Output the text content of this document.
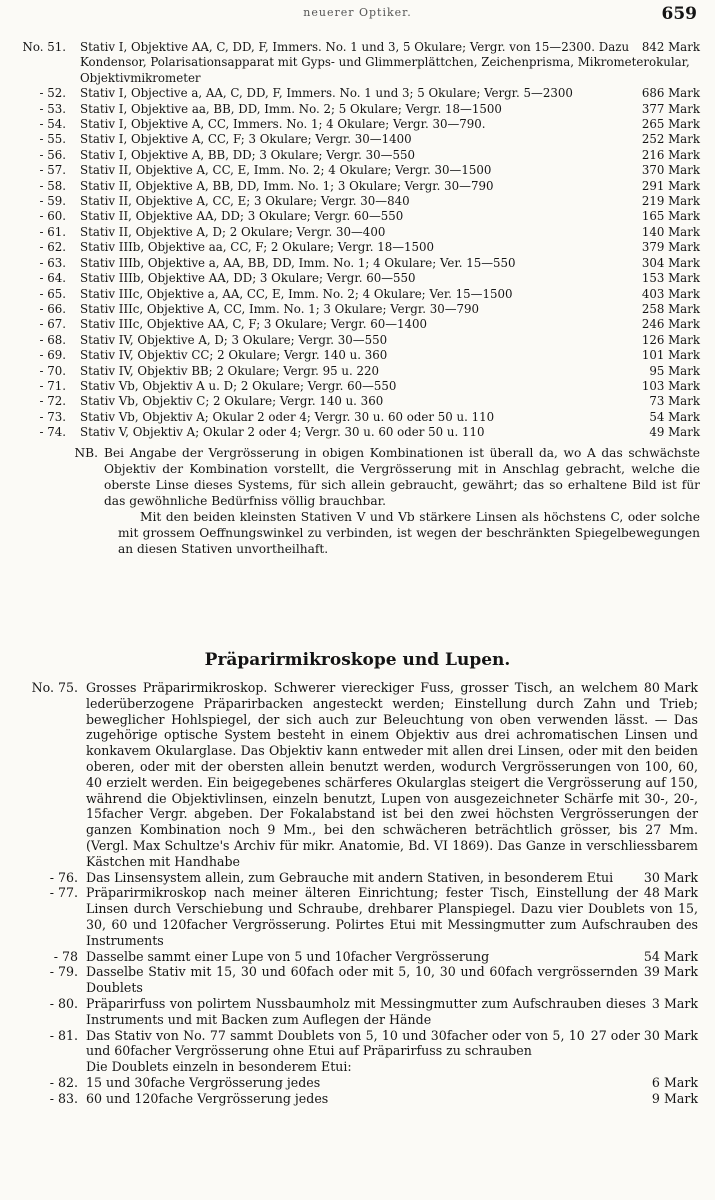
neuerer Optiker.	659
No. 51.	842 Mark
Stativ I, Objektive AA, C, DD, F, Immers. No. 1 und 3, 5 Okulare; Vergr. von 15—2300. Dazu Kondensor, Polarisationsapparat mit Gyps- und Glimmerplättchen, Zeichenprisma, Mikrometerokular, Objektivmikrometer
- 52.	686 Mark
Stativ I, Objective a, AA, C, DD, F, Immers. No. 1 und 3; 5 Okulare; Vergr. 5—2300
- 53.	377 Mark
Stativ I, Objektive aa, BB, DD, Imm. No. 2; 5 Okulare; Vergr. 18—1500
- 54.	265 Mark
Stativ I, Objektive A, CC, Immers. No. 1; 4 Okulare; Vergr. 30—790.
- 55.	252 Mark
Stativ I, Objektive A, CC, F; 3 Okulare; Vergr. 30—1400
- 56.	216 Mark
Stativ I, Objektive A, BB, DD; 3 Okulare; Vergr. 30—550
- 57.	370 Mark
Stativ II, Objektive A, CC, E, Imm. No. 2; 4 Okulare; Vergr. 30—1500
- 58.	291 Mark
Stativ II, Objektive A, BB, DD, Imm. No. 1; 3 Okulare; Vergr. 30—790
- 59.	219 Mark
Stativ II, Objektive A, CC, E; 3 Okulare; Vergr. 30—840
- 60.	165 Mark
Stativ II, Objektive AA, DD; 3 Okulare; Vergr. 60—550
- 61.	140 Mark
Stativ II, Objektive A, D; 2 Okulare; Vergr. 30—400
- 62.	379 Mark
Stativ IIIb, Objektive aa, CC, F; 2 Okulare; Vergr. 18—1500
- 63.	304 Mark
Stativ IIIb, Objektive a, AA, BB, DD, Imm. No. 1; 4 Okulare; Ver. 15—550
- 64.	153 Mark
Stativ IIIb, Objektive AA, DD; 3 Okulare; Vergr. 60—550
- 65.	403 Mark
Stativ IIIc, Objektive a, AA, CC, E, Imm. No. 2; 4 Okulare; Ver. 15—1500
- 66.	258 Mark
Stativ IIIc, Objektive A, CC, Imm. No. 1; 3 Okulare; Vergr. 30—790
- 67.	246 Mark
Stativ IIIc, Objektive AA, C, F; 3 Okulare; Vergr. 60—1400
- 68.	126 Mark
Stativ IV, Objektive A, D; 3 Okulare; Vergr. 30—550
- 69.	101 Mark
Stativ IV, Objektiv CC; 2 Okulare; Vergr. 140 u. 360
- 70.	95 Mark
Stativ IV, Objektiv BB; 2 Okulare; Vergr. 95 u. 220
- 71.	103 Mark
Stativ Vb, Objektiv A u. D; 2 Okulare; Vergr. 60—550
- 72.	73 Mark
Stativ Vb, Objektiv C; 2 Okulare; Vergr. 140 u. 360
- 73.	54 Mark
Stativ Vb, Objektiv A; Okular 2 oder 4; Vergr. 30 u. 60 oder 50 u. 110
- 74.	49 Mark
Stativ V, Objektiv A; Okular 2 oder 4; Vergr. 30 u. 60 oder 50 u. 110
NB. Bei Angabe der Vergrösserung in obigen Kombinationen ist überall da, wo A das schwächste Objektiv der Kombination vorstellt, die Vergrösserung mit in Anschlag gebracht, welche die oberste Linse dieses Systems, für sich allein gebraucht, gewährt; das so erhaltene Bild ist für das gewöhnliche Bedürfniss völlig brauchbar.
Mit den beiden kleinsten Stativen V und Vb stärkere Linsen als höchstens C, oder solche mit grossem Oeffnungswinkel zu verbinden, ist wegen der beschränkten Spiegelbewegungen an diesen Stativen unvortheilhaft.
Präparirmikroskope und Lupen.
No. 75.	80 Mark
Grosses Präparirmikroskop. Schwerer viereckiger Fuss, grosser Tisch, an welchem lederüberzogene Präparirbacken angesteckt werden; Einstellung durch Zahn und Trieb; beweglicher Hohlspiegel, der sich auch zur Beleuchtung von oben verwenden lässt. — Das zugehörige optische System besteht in einem Objektiv aus drei achromatischen Linsen und konkavem Okularglase. Das Objektiv kann entweder mit allen drei Linsen, oder mit den beiden oberen, oder mit der obersten allein benutzt werden, wodurch Vergrösserungen von 100, 60, 40 erzielt werden. Ein beigegebenes schärferes Okularglas steigert die Vergrösserung auf 150, während die Objektivlinsen, einzeln benutzt, Lupen von ausgezeichneter Schärfe mit 30-, 20-, 15facher Vergr. abgeben. Der Fokalabstand ist bei den zwei höchsten Vergrösserungen der ganzen Kombination noch 9 Mm., bei den schwächeren beträchtlich grösser, bis 27 Mm. (Vergl. Max Schultze's Archiv für mikr. Anatomie, Bd. VI 1869). Das Ganze in verschliessbarem Kästchen mit Handhabe
- 76.	30 Mark
Das Linsensystem allein, zum Gebrauche mit andern Stativen, in besonderem Etui
- 77.	48 Mark
Präparirmikroskop nach meiner älteren Einrichtung; fester Tisch, Einstellung der Linsen durch Verschiebung und Schraube, drehbarer Planspiegel. Dazu vier Doublets von 15, 30, 60 und 120facher Vergrösserung. Polirtes Etui mit Messingmutter zum Aufschrauben des Instruments
- 78	54 Mark
Dasselbe sammt einer Lupe von 5 und 10facher Vergrösserung
- 79.	39 Mark
Dasselbe Stativ mit 15, 30 und 60fach oder mit 5, 10, 30 und 60fach vergrössernden Doublets
- 80.	3 Mark
Präparirfuss von polirtem Nussbaumholz mit Messingmutter zum Aufschrauben dieses Instruments und mit Backen zum Auflegen der Hände
- 81.	27 oder 30 Mark
Das Stativ von No. 77 sammt Doublets von 5, 10 und 30facher oder von 5, 10 und 60facher Vergrösserung ohne Etui auf Präparirfuss zu schrauben
Die Doublets einzeln in besonderem Etui:
- 82.	6 Mark
15 und 30fache Vergrösserung jedes
- 83.	9 Mark
60 und 120fache Vergrösserung jedes
